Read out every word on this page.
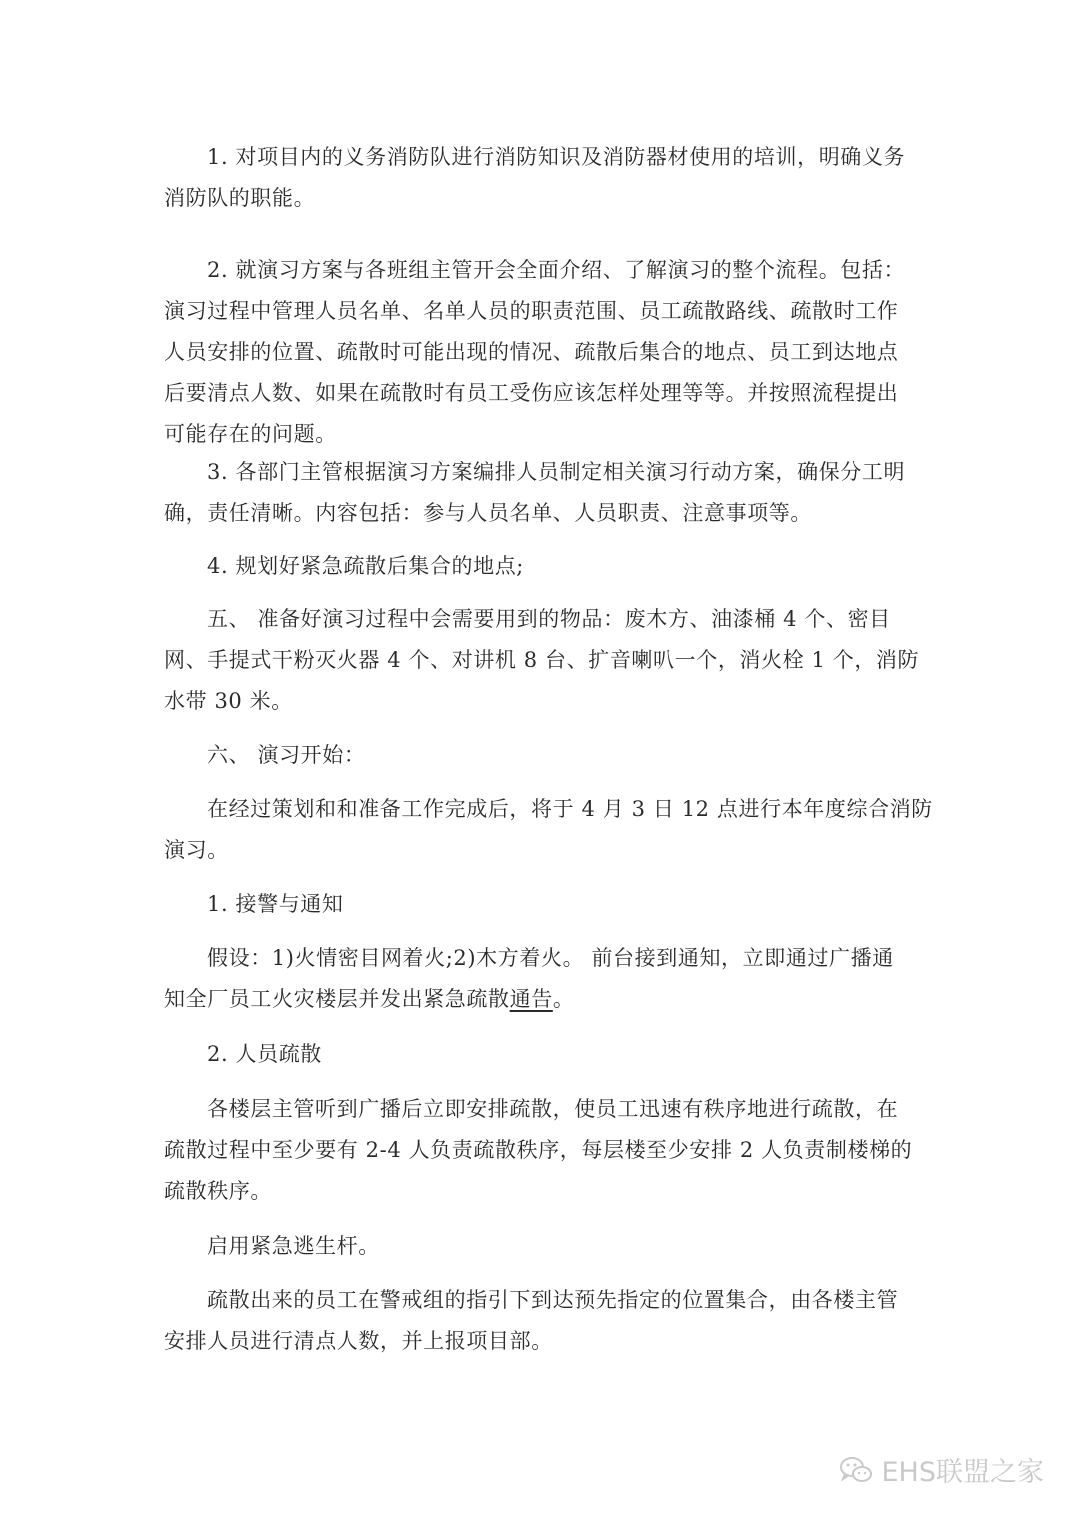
1. 对项目内的义务消防队进行消防知识及消防器材使用的培训，明确义务
消防队的职能。
2. 就演习方案与各班组主管开会全面介绍、了解演习的整个流程。包括：
演习过程中管理人员名单、名单人员的职责范围、员工疏散路线、疏散时工作
人员安排的位置、疏散时可能出现的情况、疏散后集合的地点、员工到达地点
后要清点人数、如果在疏散时有员工受伤应该怎样处理等等。并按照流程提出
可能存在的问题。
3. 各部门主管根据演习方案编排人员制定相关演习行动方案，确保分工明
确，责任清晰。内容包括：参与人员名单、人员职责、注意事项等。
4. 规划好紧急疏散后集合的地点;
五、 准备好演习过程中会需要用到的物品：废木方、油漆桶 4 个、密目
网、手提式干粉灭火器 4 个、对讲机 8 台、扩音喇叭一个，消火栓 1 个，消防
水带 30 米。
六、 演习开始：
在经过策划和和准备工作完成后，将于 4 月 3 日 12 点进行本年度综合消防
演习。
1. 接警与通知
假设：1)火情密目网着火;2)木方着火。 前台接到通知，立即通过广播通
知全厂员工火灾楼层并发出紧急疏散通告。
2. 人员疏散
各楼层主管听到广播后立即安排疏散，使员工迅速有秩序地进行疏散，在
疏散过程中至少要有 2-4 人负责疏散秩序，每层楼至少安排 2 人负责制楼梯的
疏散秩序。
启用紧急逃生杆。
疏散出来的员工在警戒组的指引下到达预先指定的位置集合，由各楼主管
安排人员进行清点人数，并上报项目部。
EHS联盟之家
